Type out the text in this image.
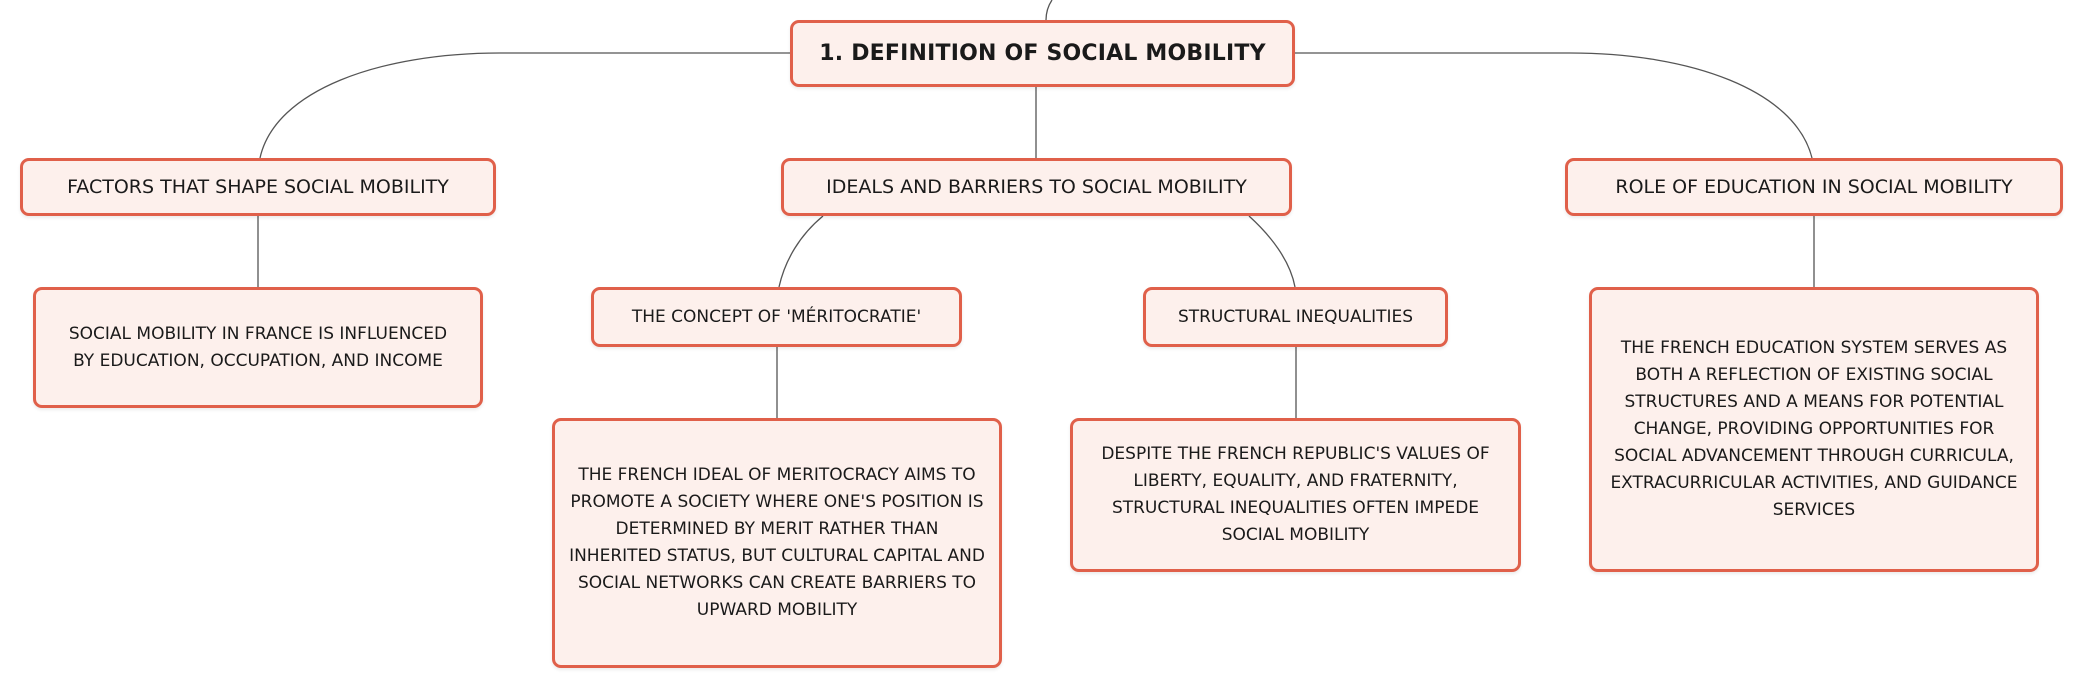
1. DEFINITION OF SOCIAL MOBILITY
FACTORS THAT SHAPE SOCIAL MOBILITY	IDEALS AND BARRIERS TO SOCIAL MOBILITY	ROLE OF EDUCATION IN SOCIAL MOBILITY
SOCIAL MOBILITY IN FRANCE IS INFLUENCED BY EDUCATION, OCCUPATION, AND INCOME
THE CONCEPT OF 'MÉRITOCRATIE'	STRUCTURAL INEQUALITIES
THE FRENCH IDEAL OF MERITOCRACY AIMS TO PROMOTE A SOCIETY WHERE ONE'S POSITION IS DETERMINED BY MERIT RATHER THAN INHERITED STATUS, BUT CULTURAL CAPITAL AND SOCIAL NETWORKS CAN CREATE BARRIERS TO UPWARD MOBILITY
DESPITE THE FRENCH REPUBLIC'S VALUES OF LIBERTY, EQUALITY, AND FRATERNITY, STRUCTURAL INEQUALITIES OFTEN IMPEDE SOCIAL MOBILITY
THE FRENCH EDUCATION SYSTEM SERVES AS BOTH A REFLECTION OF EXISTING SOCIAL STRUCTURES AND A MEANS FOR POTENTIAL CHANGE, PROVIDING OPPORTUNITIES FOR SOCIAL ADVANCEMENT THROUGH CURRICULA, EXTRACURRICULAR ACTIVITIES, AND GUIDANCE SERVICES
